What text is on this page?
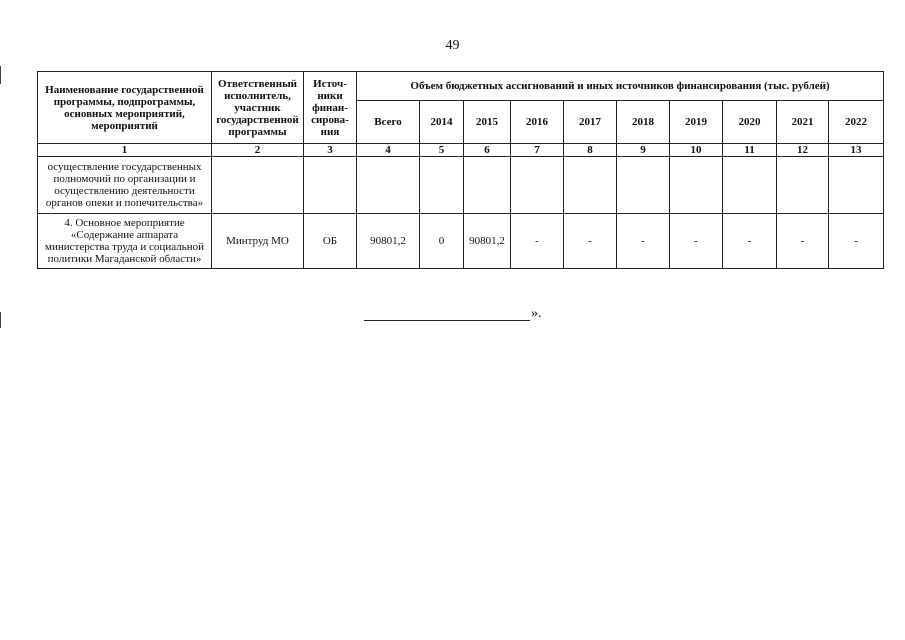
49
Наименование государственной программы, подпрограммы, основных мероприятий, мероприятий	Ответственный исполнитель, участник государственной программы	Источ-ники финан-сирова-ния	Объем бюджетных ассигнований и иных источников финансирования (тыс. рублей)									
			Всего	2014	2015	2016	2017	2018	2019	2020	2021	2022
1	2	3	4	5	6	7	8	9	10	11	12	13
осуществление государственных полномочий по организации и осуществлению деятельности органов опеки и попечительства»												
4. Основное мероприятие «Содержание аппарата министерства труда и социальной политики Магаданской области»	Минтруд МО	ОБ	90801,2	0	90801,2	-	-	-	-	-	-	-
».
